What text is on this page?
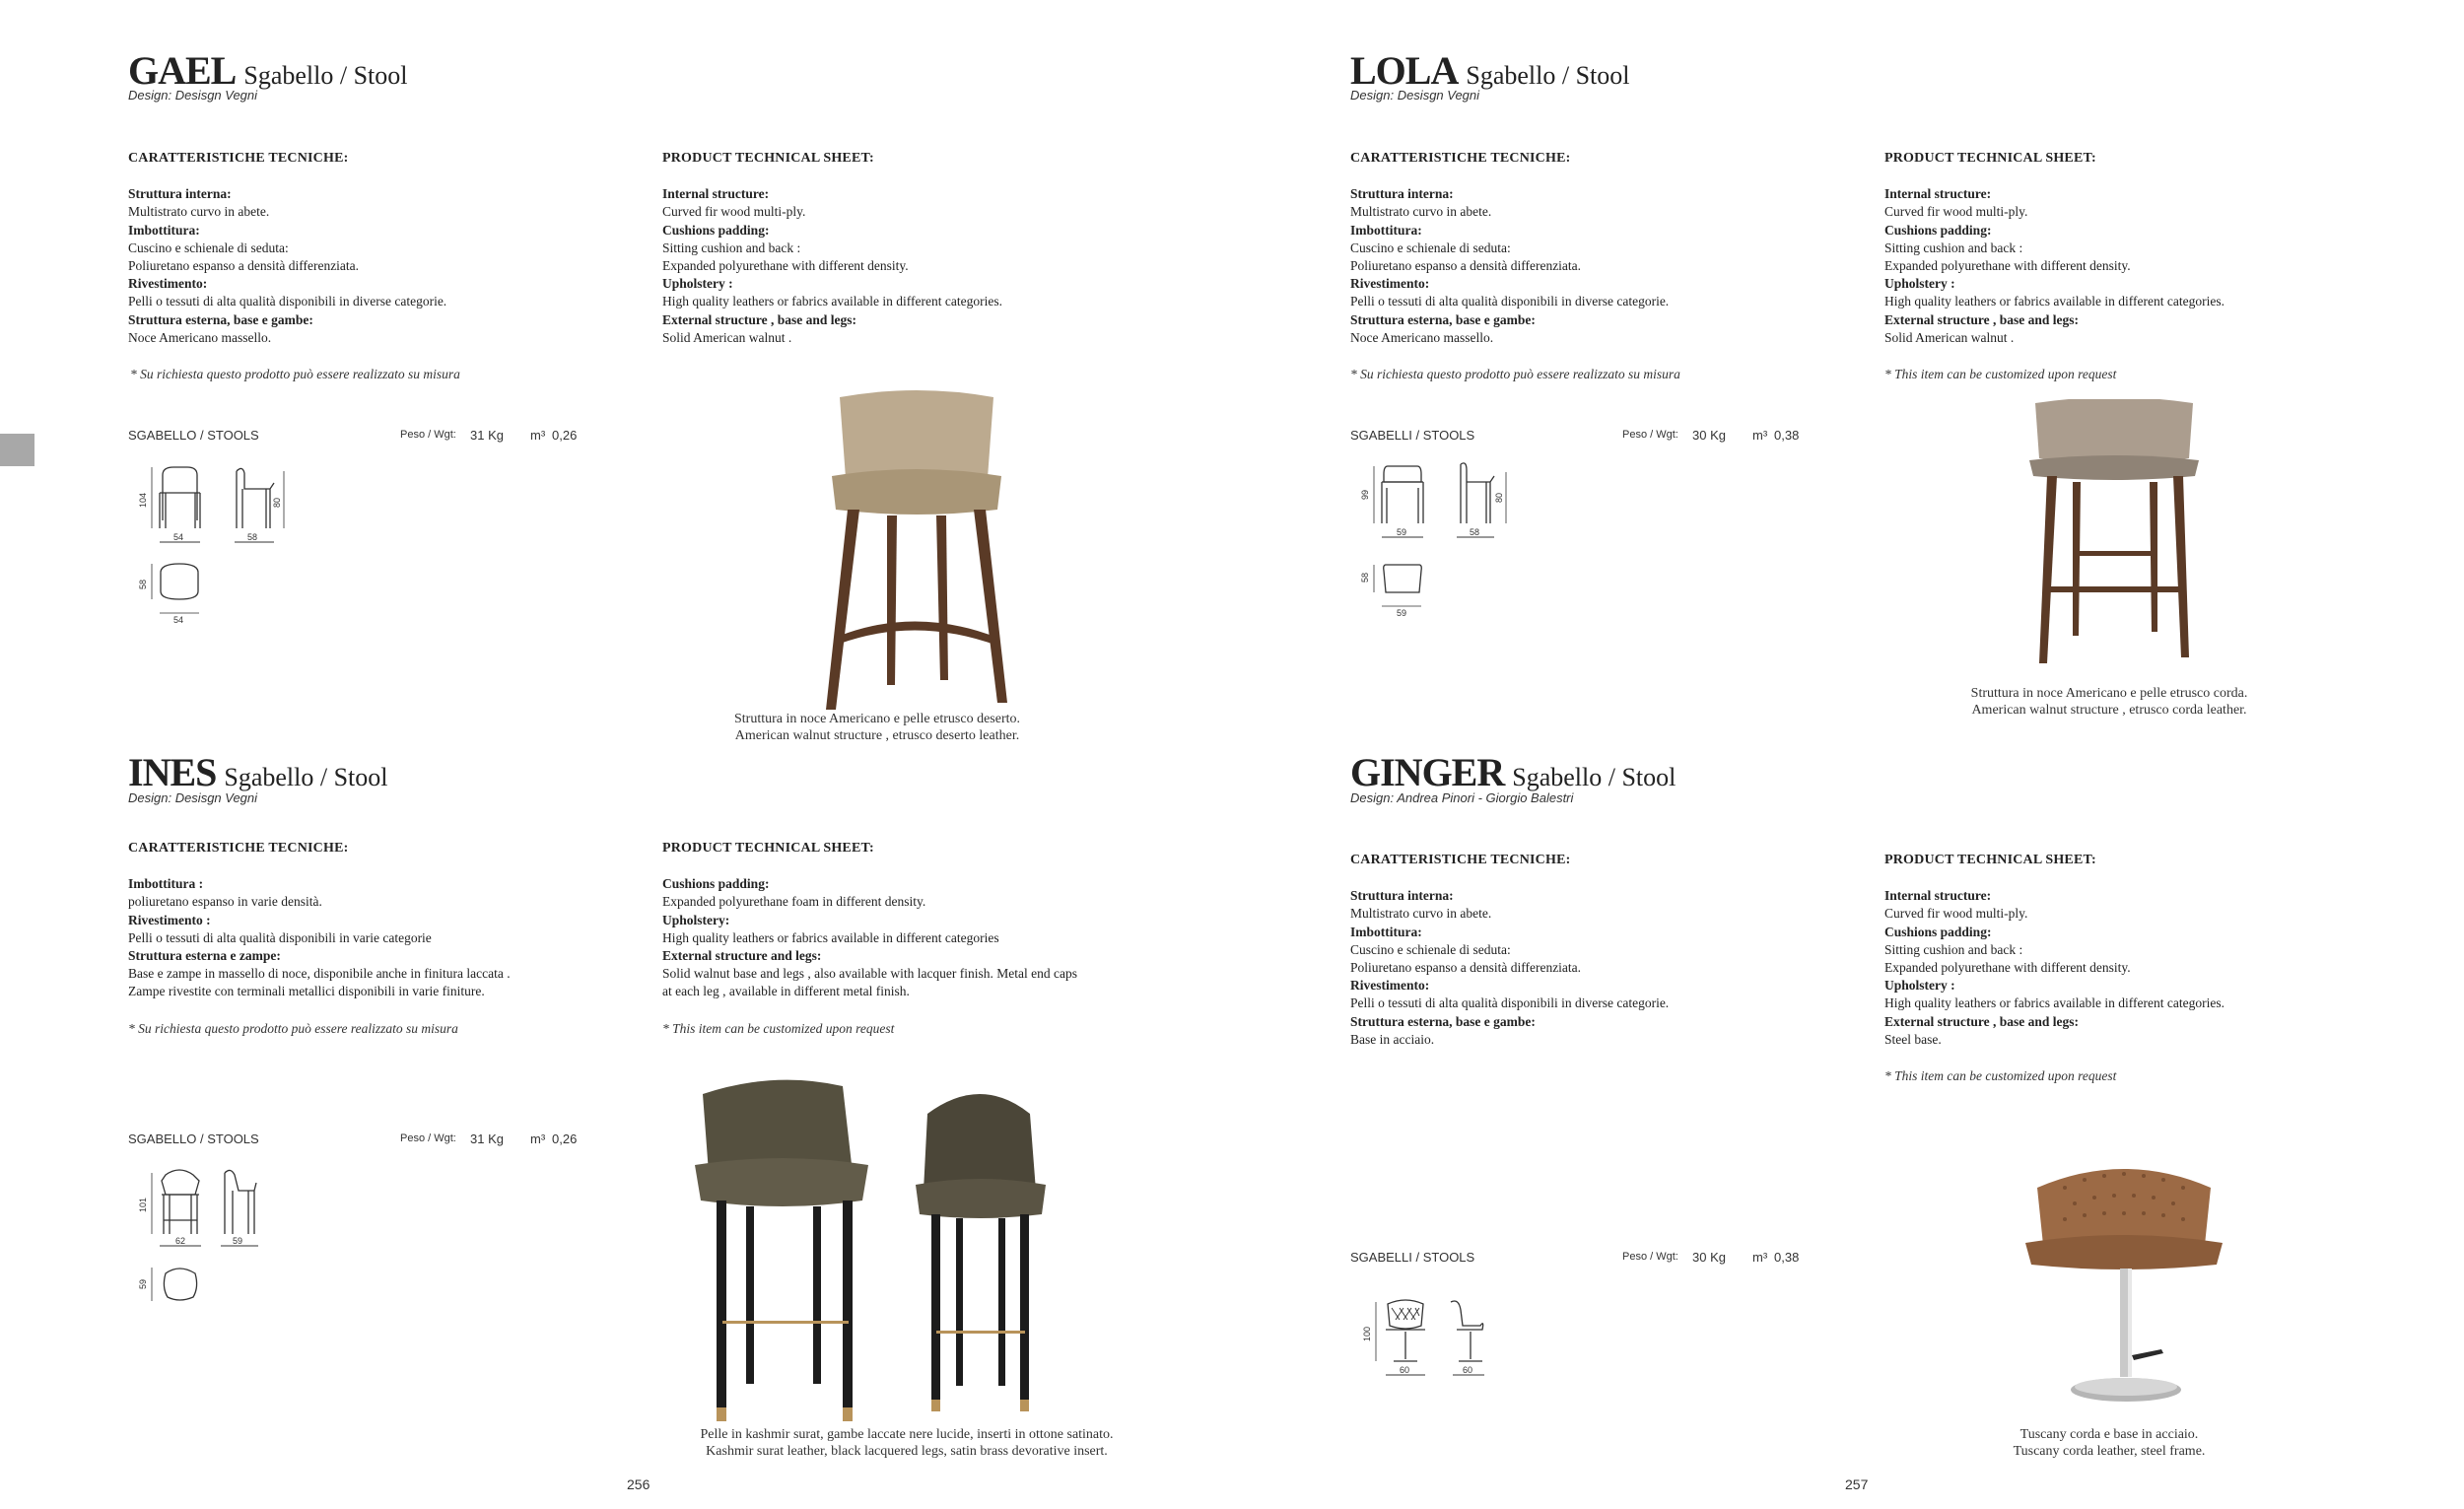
GAEL Sgabello / Stool
Design: Desisgn Vegni
CARATTERISTICHE TECNICHE:
Struttura interna:
Multistrato curvo in abete.
Imbottitura:
Cuscino e schienale di seduta:
Poliuretano espanso a densità differenziata.
Rivestimento:
Pelli o tessuti di alta qualità disponibili in diverse categorie.
Struttura esterna, base e gambe:
Noce Americano massello.
* Su richiesta questo prodotto può essere realizzato su misura
PRODUCT TECHNICAL SHEET:
Internal structure:
Curved fir wood multi-ply.
Cushions padding:
Sitting cushion and back :
Expanded polyurethane with different density.
Upholstery :
High quality leathers or fabrics available in different categories.
External structure , base and legs:
Solid American walnut .
SGABELLO / STOOLS	Peso / Wgt: 31 Kg m³ 0,26
104	80
54	58
58
54
Struttura in noce Americano e pelle etrusco deserto.
American walnut structure , etrusco deserto leather.
LOLA Sgabello / Stool
Design: Desisgn Vegni
CARATTERISTICHE TECNICHE:
Struttura interna:
Multistrato curvo in abete.
Imbottitura:
Cuscino e schienale di seduta:
Poliuretano espanso a densità differenziata.
Rivestimento:
Pelli o tessuti di alta qualità disponibili in diverse categorie.
Struttura esterna, base e gambe:
Noce Americano massello.
* Su richiesta questo prodotto può essere realizzato su misura
PRODUCT TECHNICAL SHEET:
Internal structure:
Curved fir wood multi-ply.
Cushions padding:
Sitting cushion and back :
Expanded polyurethane with different density.
Upholstery :
High quality leathers or fabrics available in different categories.
External structure , base and legs:
Solid American walnut .
* This item can be customized upon request
SGABELLI / STOOLS	Peso / Wgt: 30 Kg m³ 0,38
99	80
59	58
58
59
Struttura in noce Americano e pelle etrusco corda.
American walnut structure , etrusco corda leather.
INES Sgabello / Stool
Design: Desisgn Vegni
CARATTERISTICHE TECNICHE:
Imbottitura :
poliuretano espanso in varie densità.
Rivestimento :
Pelli o tessuti di alta qualità disponibili in varie categorie
Struttura esterna e zampe:
Base e zampe in massello di noce, disponibile anche in finitura laccata .
Zampe rivestite con terminali metallici disponibili in varie finiture.
* Su richiesta questo prodotto può essere realizzato su misura
PRODUCT TECHNICAL SHEET:
Cushions padding:
Expanded polyurethane foam in different density.
Upholstery:
High quality leathers or fabrics available in different categories
External structure and legs:
Solid walnut base and legs , also available with lacquer finish. Metal end caps
at each leg , available in different metal finish.
* This item can be customized upon request
SGABELLO / STOOLS	Peso / Wgt: 31 Kg m³ 0,26
101
62	59
59
Pelle in kashmir surat, gambe laccate nere lucide, inserti in ottone satinato.
Kashmir surat leather, black lacquered legs, satin brass devorative insert.
GINGER Sgabello / Stool
Design: Andrea Pinori - Giorgio Balestri
CARATTERISTICHE TECNICHE:
Struttura interna:
Multistrato curvo in abete.
Imbottitura:
Cuscino e schienale di seduta:
Poliuretano espanso a densità differenziata.
Rivestimento:
Pelli o tessuti di alta qualità disponibili in diverse categorie.
Struttura esterna, base e gambe:
Base in acciaio.
PRODUCT TECHNICAL SHEET:
Internal structure:
Curved fir wood multi-ply.
Cushions padding:
Sitting cushion and back :
Expanded polyurethane with different density.
Upholstery :
High quality leathers or fabrics available in different categories.
External structure , base and legs:
Steel base.
* This item can be customized upon request
SGABELLI / STOOLS	Peso / Wgt: 30 Kg m³ 0,38
100
60	60
Tuscany corda e base in acciaio.
Tuscany corda leather, steel frame.
256	257
